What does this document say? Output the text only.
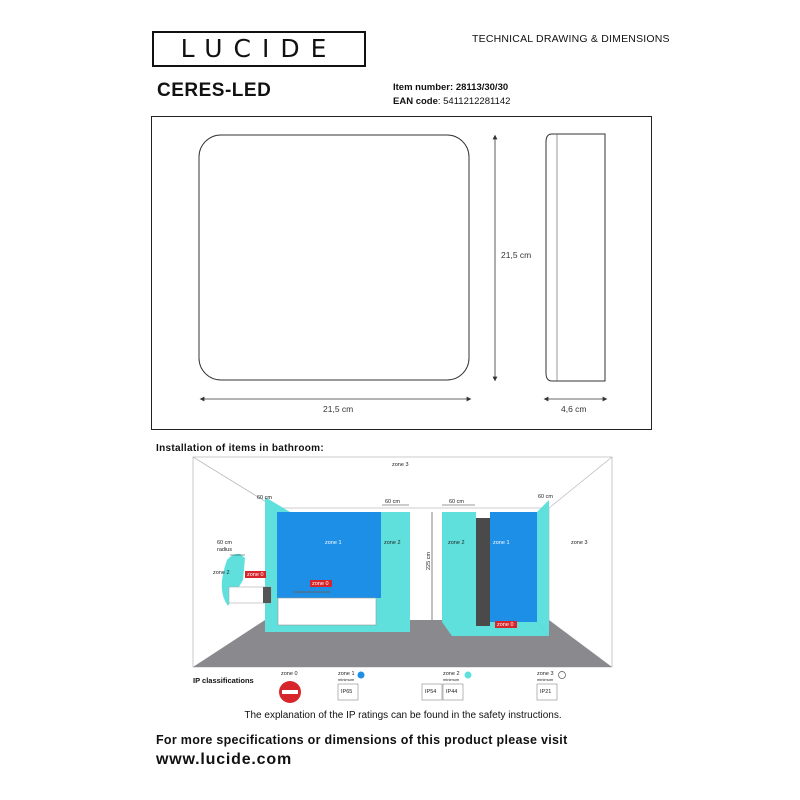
LUCIDE	TECHNICAL DRAWING & DIMENSIONS
CERES-LED	Item number: 28113/30/30
EAN code: 5411212281142
21,5 cm
21,5 cm	4,6 cm
Installation of items in bathroom:
zone 3
zone 3
zone 1	zone 2	zone 2	zone 1
zone 2	zone 0
zone 0
zone 0
60 cm
60 cm	60 cm
60 cm
60 cm
radius
225 cm
IP classifications
zone 0	zone 1
minimum
IP65
zone 2
minimum
IP54 IP44
zone 3
minimum
IP21
The explanation of the IP ratings can be found in the safety instructions.
For more specifications or dimensions of this product please visit
www.lucide.com
